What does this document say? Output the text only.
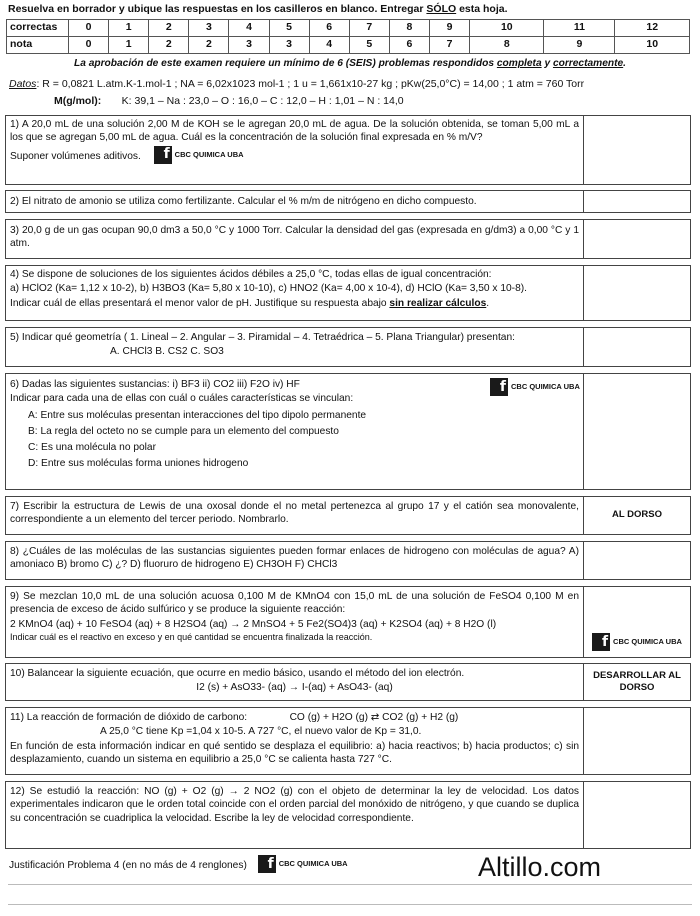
Resuelva en borrador y ubique las respuestas en los casilleros en blanco. Entregar SÓLO esta hoja.
correctas	0	1	2	3	4	5	6	7	8	9	10	11	12
nota	0	1	2	2	3	3	4	5	6	7	8	9	10
La aprobación de este examen requiere un mínimo de 6 (SEIS) problemas respondidos completa y correctamente.
Datos: R = 0,0821 L.atm.K-1.mol-1 ; NA = 6,02x1023 mol-1 ; 1 u = 1,661x10-27 kg ; pKw(25,0°C) = 14,00 ; 1 atm = 760 Torr
M(g/mol): K: 39,1 – Na : 23,0 – O : 16,0 – C : 12,0 – H : 1,01 – N : 14,0

1) A 20,0 mL de una solución 2,00 M de KOH se le agregan 20,0 mL de agua. De la solución obtenida, se toman 5,00 mL a los que se agregan 5,00 mL de agua. Cuál es la concentración de la solución final expresada en % m/V?

Suponer volúmenes aditivos.	f CBC QUIMICA UBA

2) El nitrato de amonio se utiliza como fertilizante. Calcular el % m/m de nitrógeno en dicho compuesto.

3) 20,0 g de un gas ocupan 90,0 dm3 a 50,0 °C y 1000 Torr. Calcular la densidad del gas (expresada en g/dm3) a 0,00 °C y 1 atm.

4) Se dispone de soluciones de los siguientes ácidos débiles a 25,0 °C, todas ellas de igual concentración:

a) HClO2 (Ka= 1,12 x 10-2), b) H3BO3 (Ka= 5,80 x 10-10), c) HNO2 (Ka= 4,00 x 10-4), d) HClO (Ka= 3,50 x 10-8).

Indicar cuál de ellas presentará el menor valor de pH. Justifique su respuesta abajo sin realizar cálculos.

5) Indicar qué geometría ( 1. Lineal – 2. Angular – 3. Piramidal – 4. Tetraédrica – 5. Plana Triangular) presentan:

A. CHCl3 B. CS2 C. SO3

6) Dadas las siguientes sustancias: i) BF3 ii) CO2 iii) F2O iv) HF

Indicar para cada una de ellas con cuál o cuáles características se vinculan:

A: Entre sus moléculas presentan interacciones del tipo dipolo permanente

B: La regla del octeto no se cumple para un elemento del compuesto

C: Es una molécula no polar

D: Entre sus moléculas forma uniones hidrogeno

f CBC QUIMICA UBA

7) Escribir la estructura de Lewis de una oxosal donde el no metal pertenezca al grupo 17 y el catión sea monovalente, correspondiente a un elemento del tercer periodo. Nombrarlo.	AL DORSO

8) ¿Cuáles de las moléculas de las sustancias siguientes pueden formar enlaces de hidrogeno con moléculas de agua? A) amoniaco B) bromo C) ¿? D) fluoruro de hidrogeno E) CH3OH F) CHCl3

9) Se mezclan 10,0 mL de una solución acuosa 0,100 M de KMnO4 con 15,0 mL de una solución de FeSO4 0,100 M en presencia de exceso de ácido sulfúrico y se produce la siguiente reacción:

2 KMnO4 (aq) + 10 FeSO4 (aq) + 8 H2SO4 (aq) → 2 MnSO4 + 5 Fe2(SO4)3 (aq) + K2SO4 (aq) + 8 H2O (l)

Indicar cuál es el reactivo en exceso y en qué cantidad se encuentra finalizada la reacción.	f CBC QUIMICA UBA

10) Balancear la siguiente ecuación, que ocurre en medio básico, usando el método del ion electrón.

I2 (s) + AsO33- (aq) → I-(aq) + AsO43- (aq)

DESARROLLAR AL DORSO

11) La reacción de formación de dióxido de carbono:	CO (g) + H2O (g) ⇄ CO2 (g) + H2 (g)

A 25,0 °C tiene Kp =1,04 x 10-5. A 727 °C, el nuevo valor de Kp = 31,0.

En función de esta información indicar en qué sentido se desplaza el equilibrio: a) hacia reactivos; b) hacia productos; c) sin desplazamiento, cuando un sistema en equilibrio a 25,0 °C se calienta hasta 727 °C.

12) Se estudió la reacción: NO (g) + O2 (g) → 2 NO2 (g) con el objeto de determinar la ley de velocidad. Los datos experimentales indicaron que le orden total coincide con el orden parcial del monóxido de nitrógeno, y que cuando se duplica su concentración se cuadriplica la velocidad. Escribe la ley de velocidad correspondiente.

Justificación Problema 4 (en no más de 4 renglones)	f CBC QUIMICA UBA	Altillo.com
